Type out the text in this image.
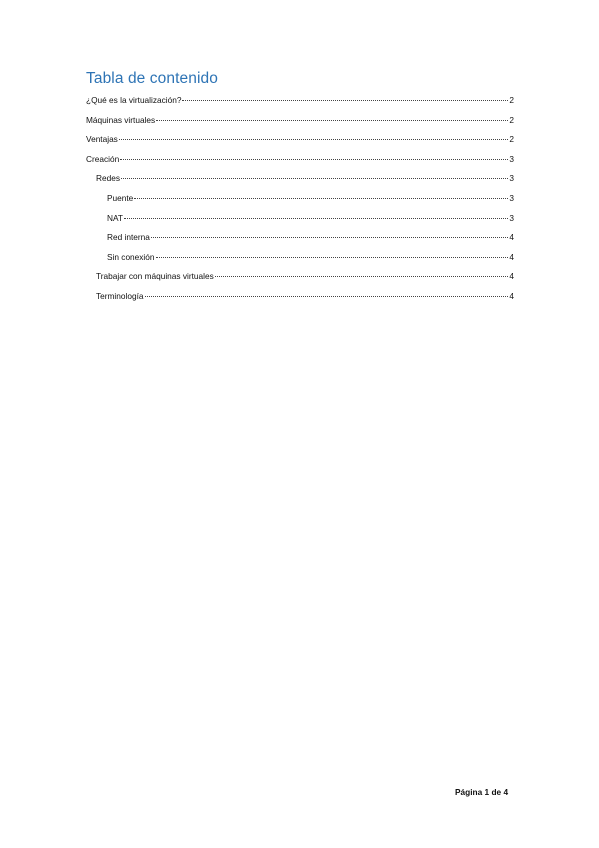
Tabla de contenido
¿Qué es la virtualización?	2
Máquinas virtuales	2
Ventajas	2
Creación	3
Redes	3
Puente	3
NAT	3
Red interna	4
Sin conexión	4
Trabajar con máquinas virtuales	4
Terminología	4
Página 1 de 4
